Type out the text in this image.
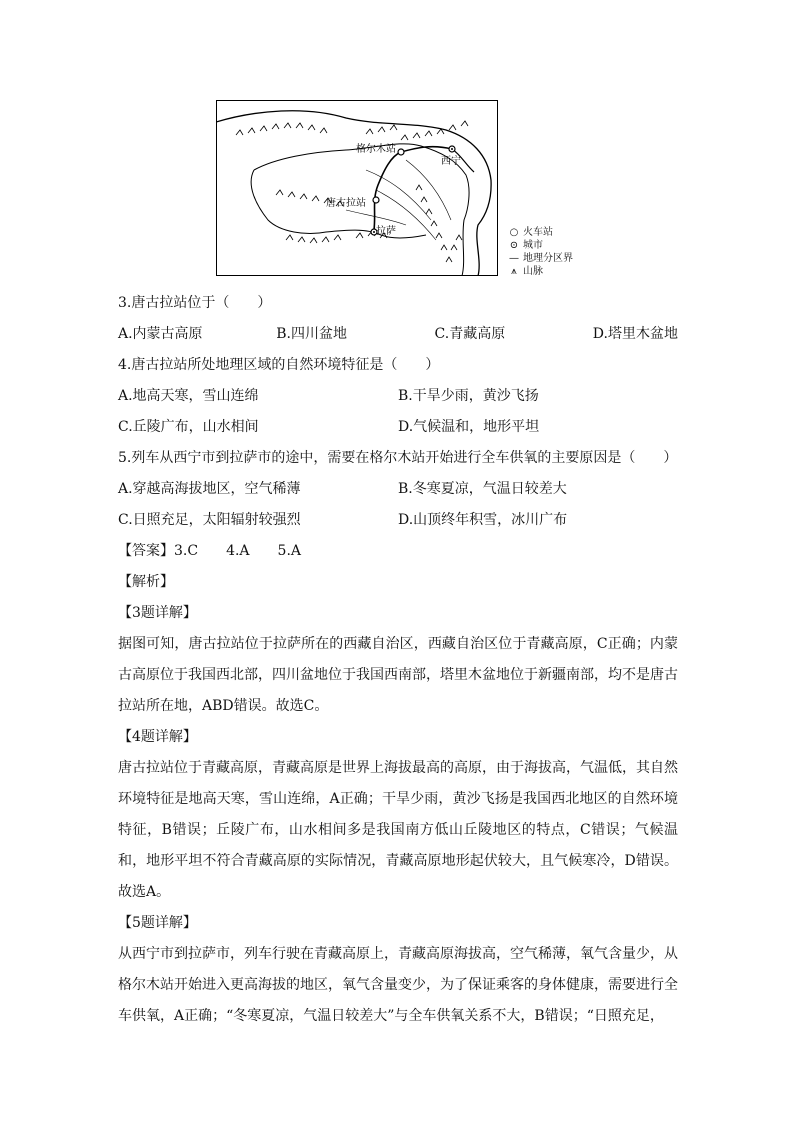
格尔木站
西宁
唐古拉站
拉萨	○ 火车站
⊙ 城市
— 地理分区界
⩚ 山脉
3.唐古拉站位于（　　）
A.内蒙古高原	B.四川盆地	C.青藏高原	D.塔里木盆地
4.唐古拉站所处地理区域的自然环境特征是（　　）
A.地高天寒，雪山连绵	B.干旱少雨，黄沙飞扬
C.丘陵广布，山水相间	D.气候温和，地形平坦
5.列车从西宁市到拉萨市的途中，需要在格尔木站开始进行全车供氧的主要原因是（　　）
A.穿越高海拔地区，空气稀薄	B.冬寒夏凉，气温日较差大
C.日照充足，太阳辐射较强烈	D.山顶终年积雪，冰川广布
【答案】3.C 4.A 5.A
【解析】
【3题详解】
据图可知，唐古拉站位于拉萨所在的西藏自治区，西藏自治区位于青藏高原，C正确；内蒙古高原位于我国西北部，四川盆地位于我国西南部，塔里木盆地位于新疆南部，均不是唐古拉站所在地，ABD错误。故选C。
【4题详解】
唐古拉站位于青藏高原，青藏高原是世界上海拔最高的高原，由于海拔高，气温低，其自然环境特征是地高天寒，雪山连绵，A正确；干旱少雨，黄沙飞扬是我国西北地区的自然环境特征，B错误；丘陵广布，山水相间多是我国南方低山丘陵地区的特点，C错误；气候温和，地形平坦不符合青藏高原的实际情况，青藏高原地形起伏较大，且气候寒冷，D错误。故选A。
【5题详解】
从西宁市到拉萨市，列车行驶在青藏高原上，青藏高原海拔高，空气稀薄，氧气含量少，从格尔木站开始进入更高海拔的地区，氧气含量变少，为了保证乘客的身体健康，需要进行全车供氧，A正确；“冬寒夏凉，气温日较差大”与全车供氧关系不大，B错误；“日照充足，
